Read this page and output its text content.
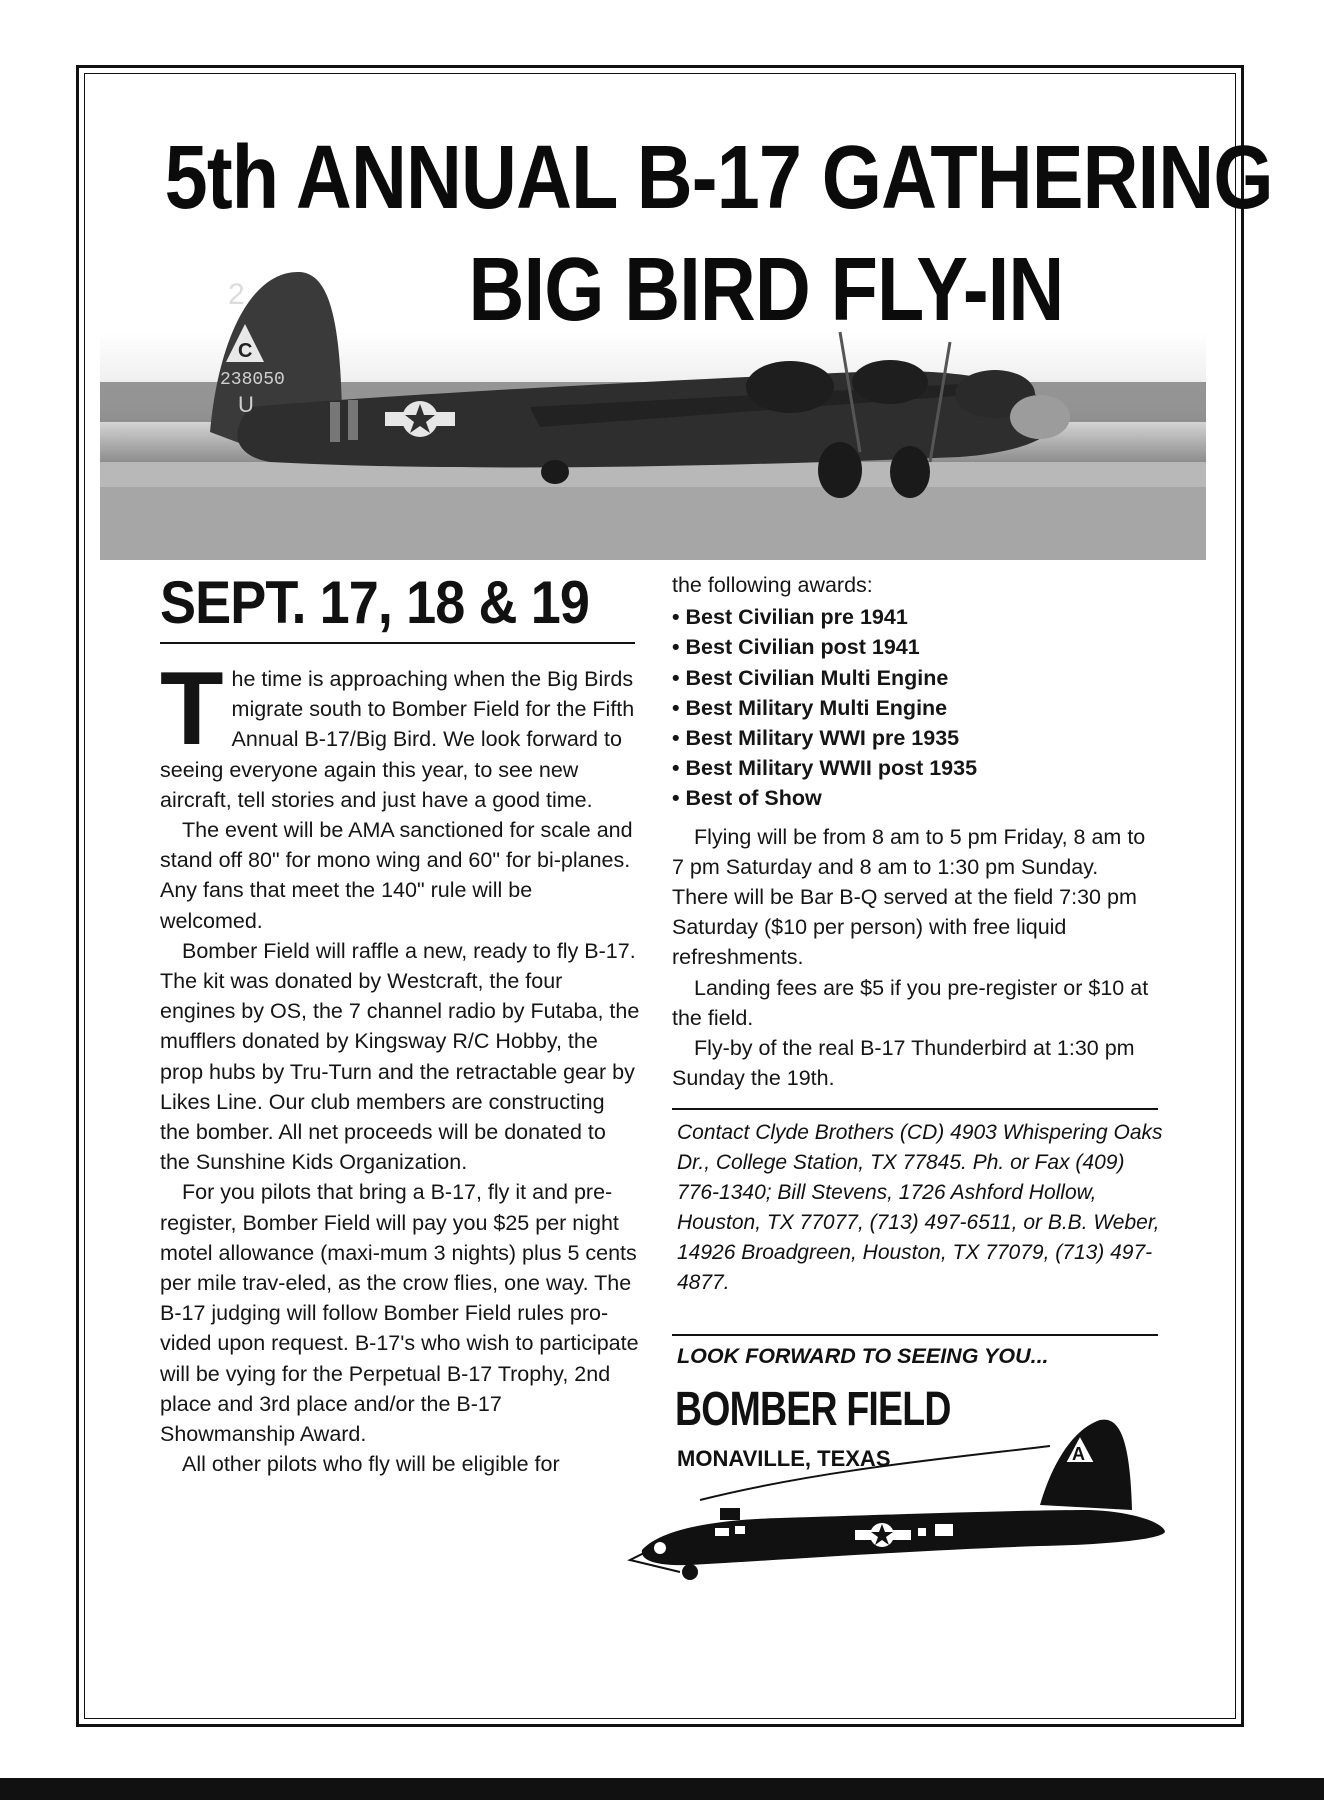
2
C
238050
U
5th ANNUAL B-17 GATHERING
BIG BIRD FLY-IN
SEPT. 17, 18 & 19

The time is approaching when the Big Birds migrate south to Bomber Field for the Fifth Annual B-17/Big Bird. We look forward to seeing everyone again this year, to see new aircraft, tell stories and just have a good time.

The event will be AMA sanctioned for scale and stand off 80" for mono wing and 60" for bi-planes. Any fans that meet the 140" rule will be welcomed.

Bomber Field will raffle a new, ready to fly B-17. The kit was donated by Westcraft, the four engines by OS, the 7 channel radio by Futaba, the mufflers donated by Kingsway R/C Hobby, the prop hubs by Tru-Turn and the retractable gear by Likes Line. Our club members are constructing the bomber. All net proceeds will be donated to the Sunshine Kids Organization.

For you pilots that bring a B-17, fly it and pre-register, Bomber Field will pay you $25 per night motel allowance (maxi-mum 3 nights) plus 5 cents per mile trav-eled, as the crow flies, one way. The B-17 judging will follow Bomber Field rules pro-vided upon request. B-17's who wish to participate will be vying for the Perpetual B-17 Trophy, 2nd place and 3rd place and/or the B-17 Showmanship Award.

All other pilots who fly will be eligible for

the following awards:

• Best Civilian pre 1941
• Best Civilian post 1941
• Best Civilian Multi Engine
• Best Military Multi Engine
• Best Military WWI pre 1935
• Best Military WWII post 1935
• Best of Show

Flying will be from 8 am to 5 pm Friday, 8 am to 7 pm Saturday and 8 am to 1:30 pm Sunday. There will be Bar B-Q served at the field 7:30 pm Saturday ($10 per person) with free liquid refreshments.

Landing fees are $5 if you pre-register or $10 at the field.

Fly-by of the real B-17 Thunderbird at 1:30 pm Sunday the 19th.

Contact Clyde Brothers (CD) 4903 Whispering Oaks Dr., College Station, TX 77845. Ph. or Fax (409) 776-1340; Bill Stevens, 1726 Ashford Hollow, Houston, TX 77077, (713) 497-6511, or B.B. Weber, 14926 Broadgreen, Houston, TX 77079, (713) 497-4877.

LOOK FORWARD TO SEEING YOU...

A
BOMBER FIELD

MONAVILLE, TEXAS
